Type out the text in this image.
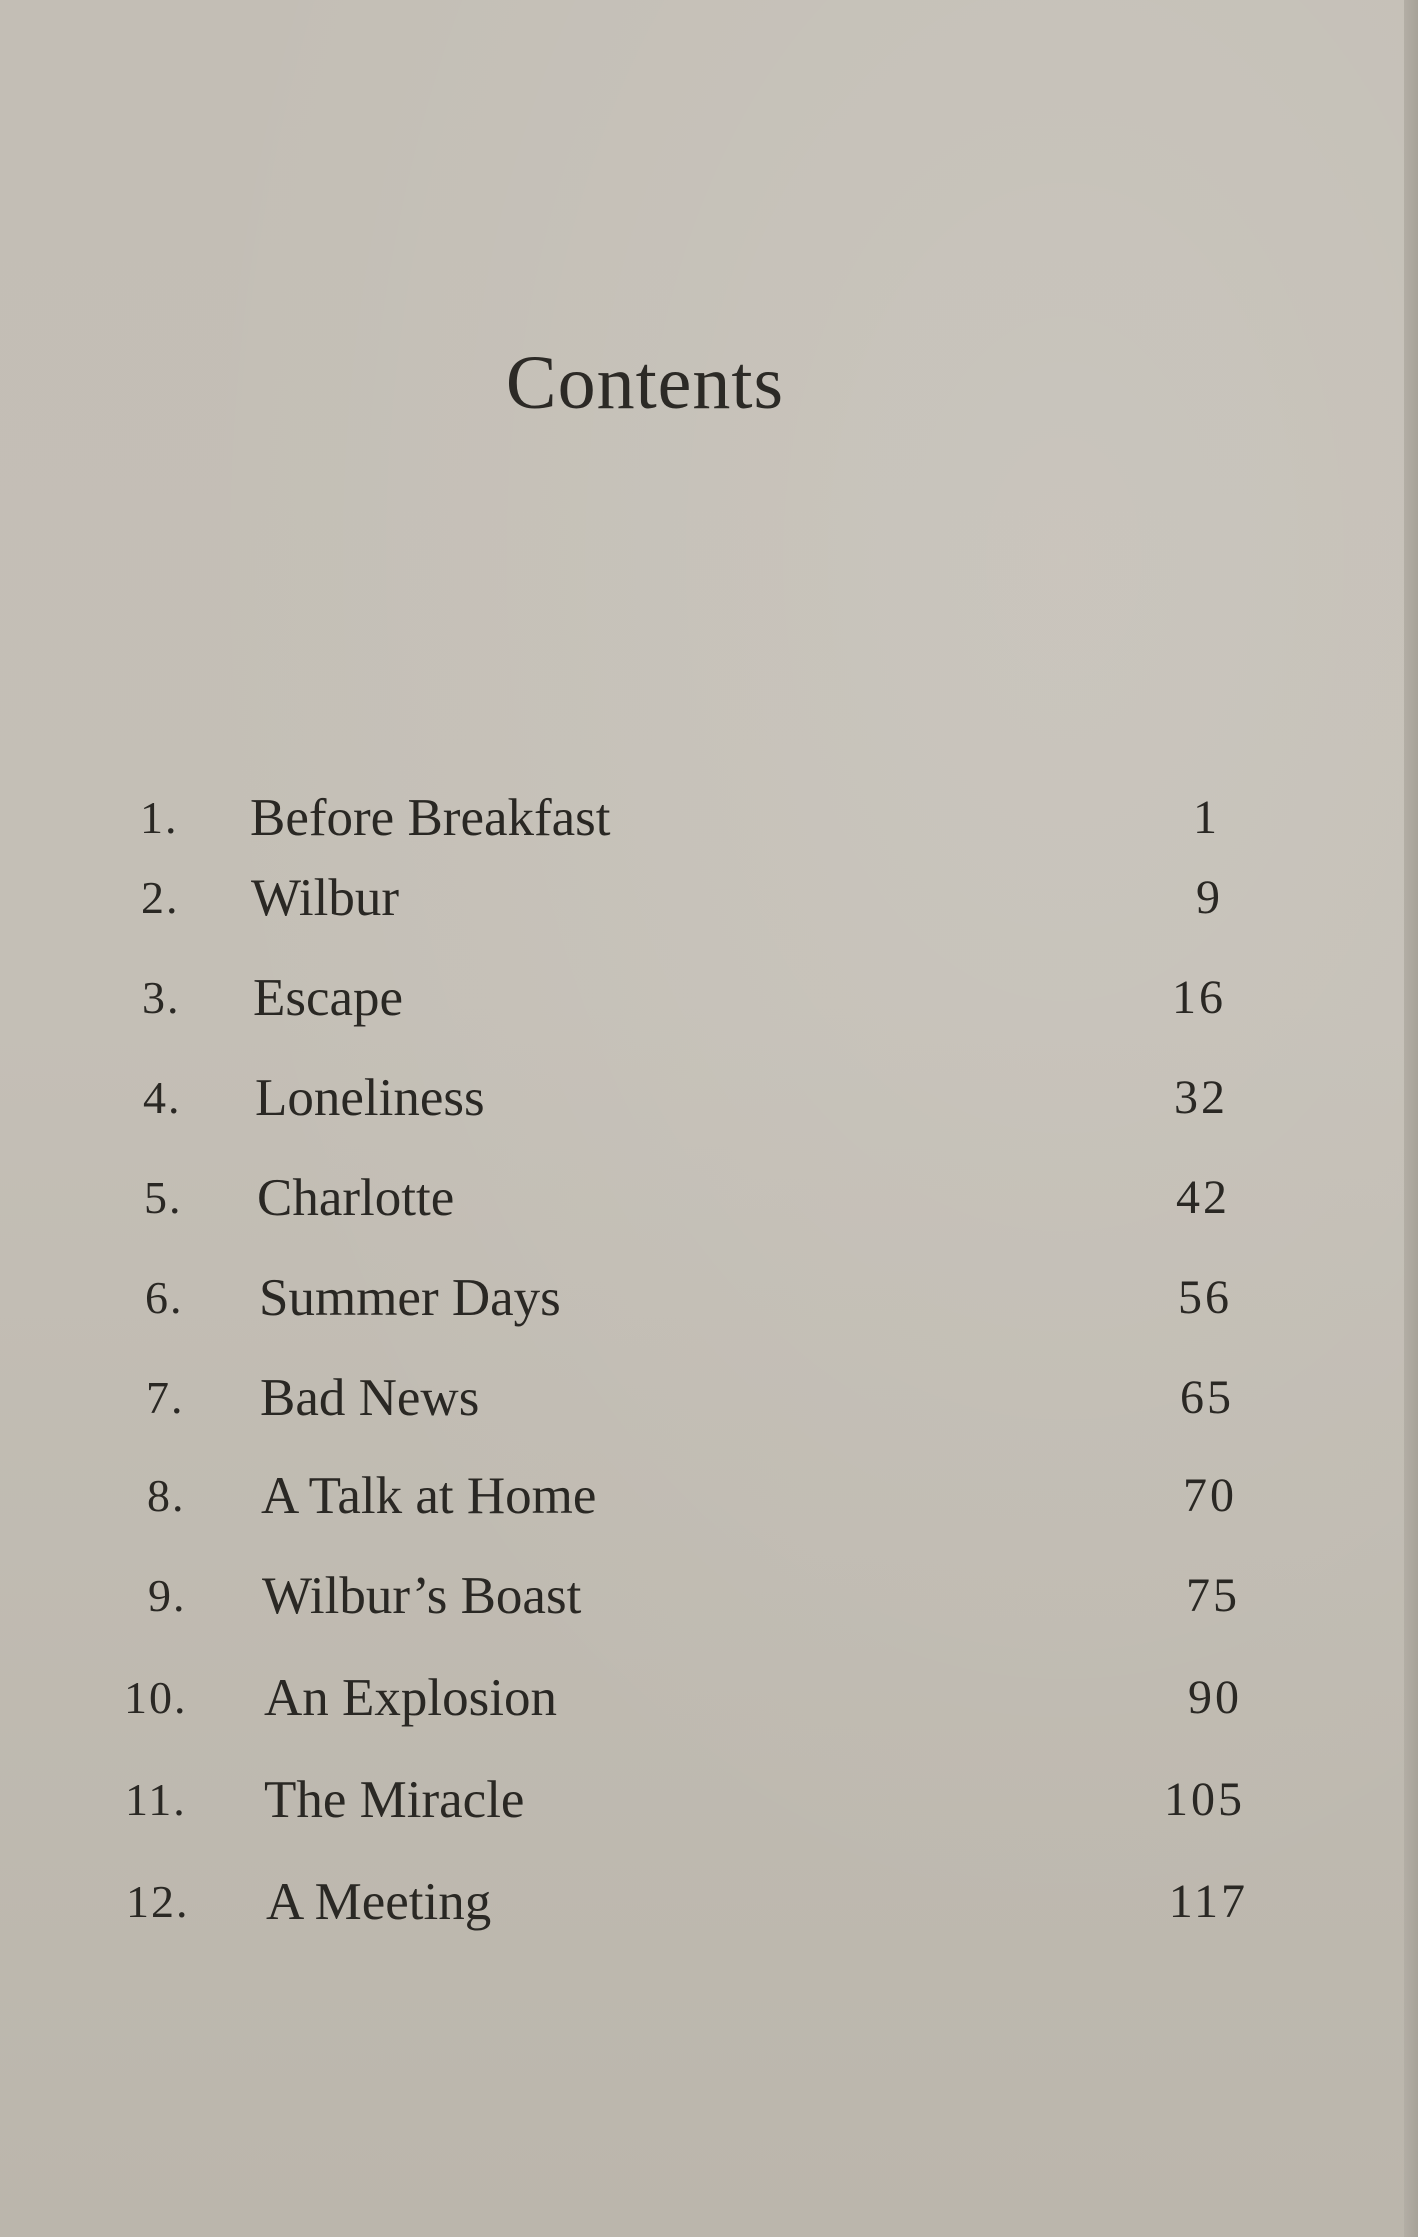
Contents
1.	Before Breakfast	1
2.	Wilbur	9
3.	Escape	16
4.	Loneliness	32
5.	Charlotte	42
6.	Summer Days	56
7.	Bad News	65
8.	A Talk at Home	70
9.	Wilbur’s Boast	75
10.	An Explosion	90
11.	The Miracle	105
12.	A Meeting	117
